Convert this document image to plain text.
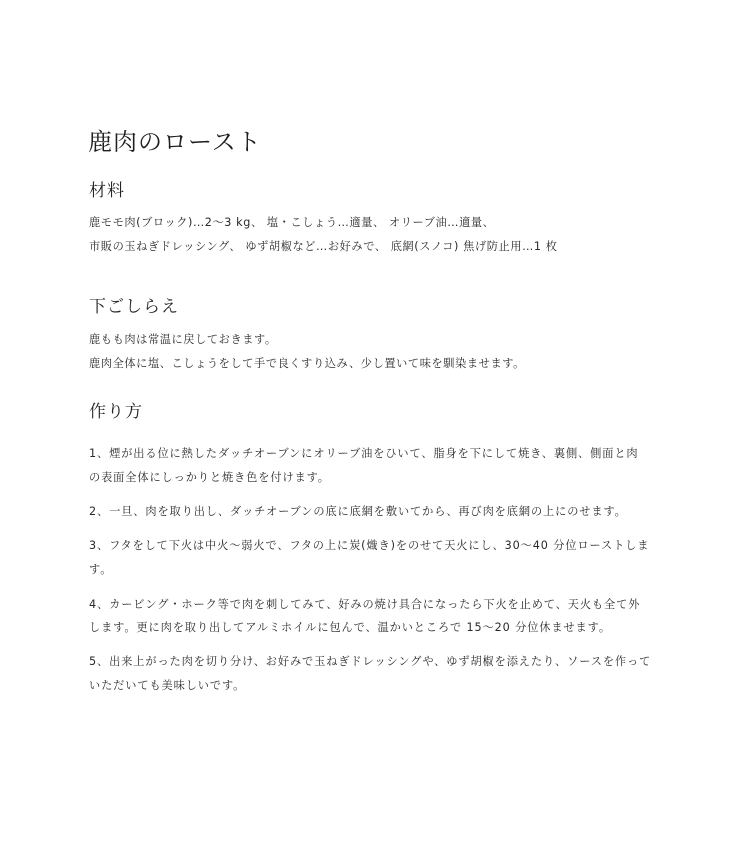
鹿肉のロースト
材料
鹿モモ肉(ブロック)…2～3 kg、 塩・こしょう…適量、 オリーブ油…適量、
市販の玉ねぎドレッシング、 ゆず胡椒など…お好みで、 底網(スノコ) 焦げ防止用…1 枚
下ごしらえ
鹿もも肉は常温に戻しておきます。
鹿肉全体に塩、こしょうをして手で良くすり込み、少し置いて味を馴染ませます。
作り方
1、煙が出る位に熱したダッチオーブンにオリーブ油をひいて、脂身を下にして焼き、裏側、側面と肉
の表面全体にしっかりと焼き色を付けます。
2、一旦、肉を取り出し、ダッチオーブンの底に底網を敷いてから、再び肉を底網の上にのせます。
3、フタをして下火は中火～弱火で、フタの上に炭(熾き)をのせて天火にし、30～40 分位ローストしま
す。
4、カービング・ホーク等で肉を刺してみて、好みの焼け具合になったら下火を止めて、天火も全て外
します。更に肉を取り出してアルミホイルに包んで、温かいところで 15～20 分位休ませます。
5、出来上がった肉を切り分け、お好みで玉ねぎドレッシングや、ゆず胡椒を添えたり、ソースを作って
いただいても美味しいです。
